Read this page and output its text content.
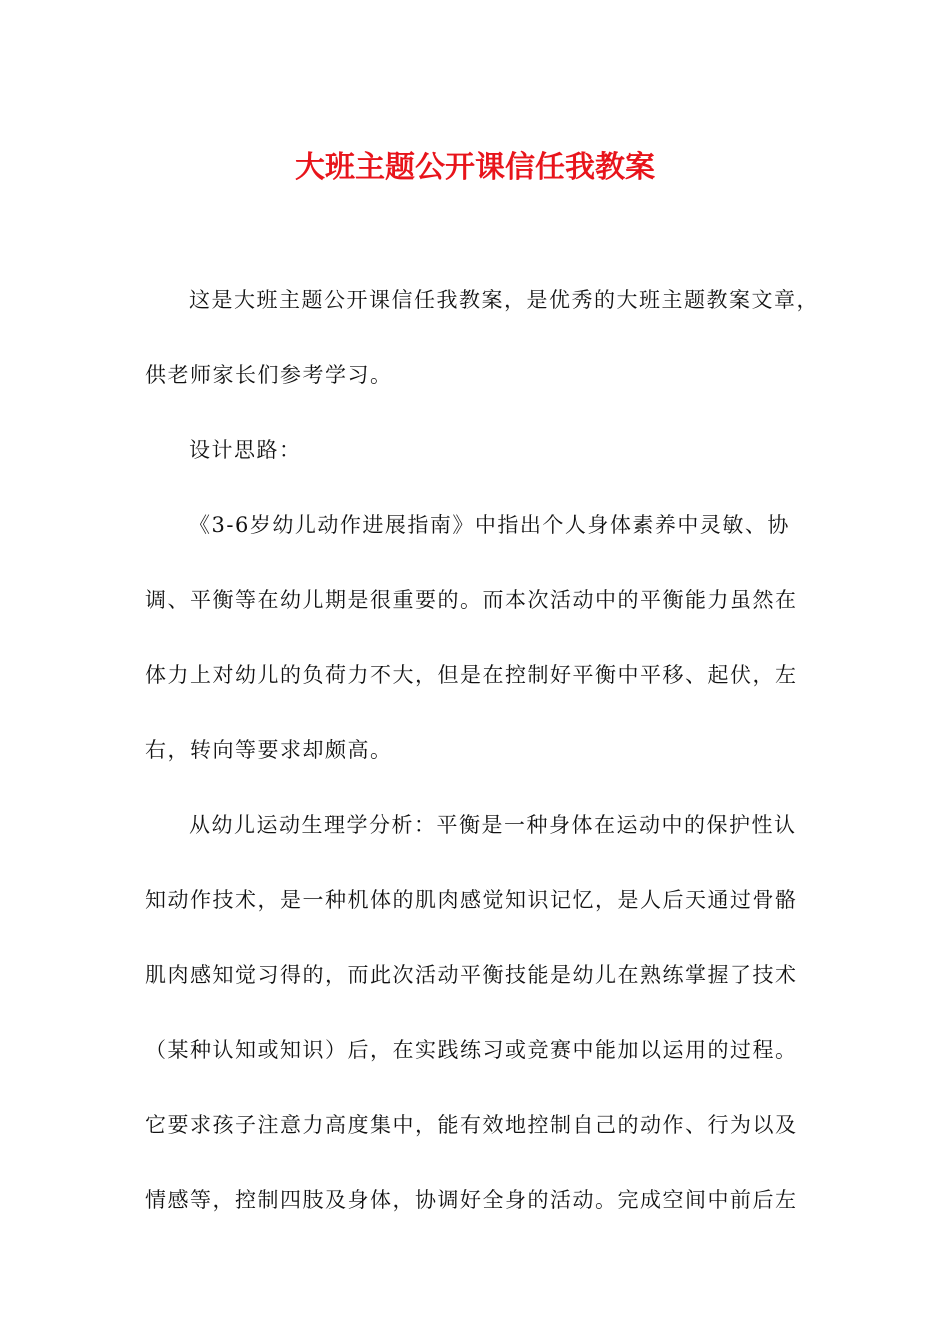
大班主题公开课信任我教案
这是大班主题公开课信任我教案，是优秀的大班主题教案文章，
供老师家长们参考学习。
设计思路：
《3-6岁幼儿动作进展指南》中指出个人身体素养中灵敏、协
调、平衡等在幼儿期是很重要的。而本次活动中的平衡能力虽然在
体力上对幼儿的负荷力不大，但是在控制好平衡中平移、起伏，左
右，转向等要求却颇高。
从幼儿运动生理学分析：平衡是一种身体在运动中的保护性认
知动作技术，是一种机体的肌肉感觉知识记忆，是人后天通过骨骼
肌肉感知觉习得的，而此次活动平衡技能是幼儿在熟练掌握了技术
（某种认知或知识）后，在实践练习或竞赛中能加以运用的过程。
它要求孩子注意力高度集中，能有效地控制自己的动作、行为以及
情感等，控制四肢及身体，协调好全身的活动。完成空间中前后左
